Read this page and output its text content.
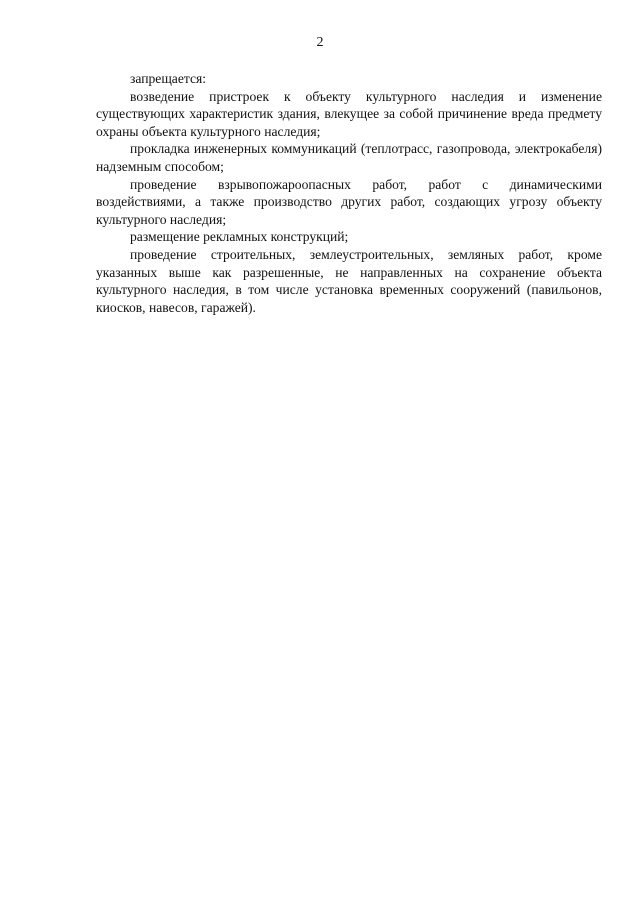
2

запрещается:

возведение пристроек к объекту культурного наследия и изменение существующих характеристик здания, влекущее за собой причинение вреда предмету охраны объекта культурного наследия;

прокладка инженерных коммуникаций (теплотрасс, газопровода, электрокабеля) надземным способом;

проведение взрывопожароопасных работ, работ с динамическими воздействиями, а также производство других работ, создающих угрозу объекту культурного наследия;

размещение рекламных конструкций;

проведение строительных, землеустроительных, земляных работ, кроме указанных выше как разрешенные, не направленных на сохранение объекта культурного наследия, в том числе установка временных сооружений (павильонов, киосков, навесов, гаражей).
